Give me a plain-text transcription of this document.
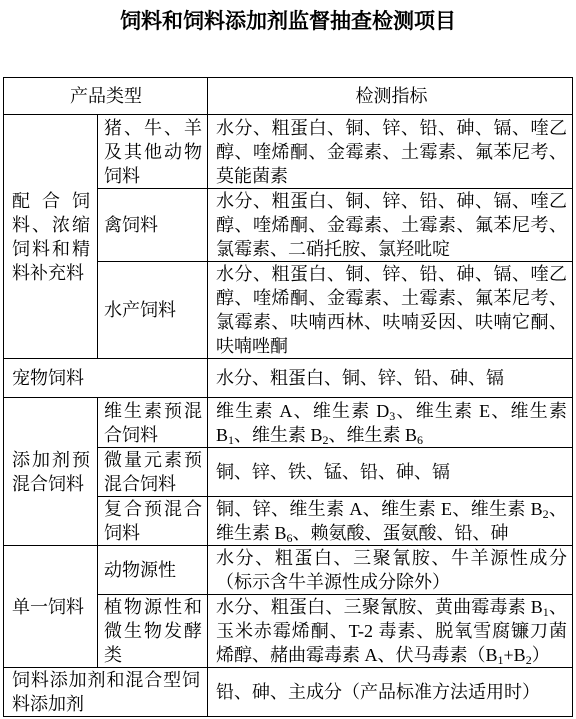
饲料和饲料添加剂监督抽查检测项目
产品类型	检测指标
配合饲料、浓缩饲料和精料补充料
猪、牛、羊及其他动物饲料
水分、粗蛋白、铜、锌、铅、砷、镉、喹乙醇、喹烯酮、金霉素、土霉素、氟苯尼考、莫能菌素
禽饲料
水分、粗蛋白、铜、锌、铅、砷、镉、喹乙醇、喹烯酮、金霉素、土霉素、氟苯尼考、氯霉素、二硝托胺、氯羟吡啶
水产饲料
水分、粗蛋白、铜、锌、铅、砷、镉、喹乙醇、喹烯酮、金霉素、土霉素、氟苯尼考、氯霉素、呋喃西林、呋喃妥因、呋喃它酮、呋喃唑酮
宠物饲料	水分、粗蛋白、铜、锌、铅、砷、镉
添加剂预混合饲料
维生素预混合饲料
维生素 A、维生素 $D_3$、维生素 E、维生素 $B_1$、维生素 $B_2$、维生素 $B_6$
微量元素预混合饲料
铜、锌、铁、锰、铅、砷、镉
复合预混合饲料
铜、锌、维生素 A、维生素 E、维生素 $B_2$、维生素 $B_6$、赖氨酸、蛋氨酸、铅、砷
单一饲料
动物源性
水分、粗蛋白、三聚氰胺、牛羊源性成分（标示含牛羊源性成分除外）
植物源性和微生物发酵类
水分、粗蛋白、三聚氰胺、黄曲霉毒素 $B_1$、玉米赤霉烯酮、T-2 毒素、脱氧雪腐镰刀菌烯醇、赭曲霉毒素 A、伏马毒素$(B_1+B_2)$
饲料添加剂和混合型饲料添加剂
铅、砷、主成分（产品标准方法适用时）
